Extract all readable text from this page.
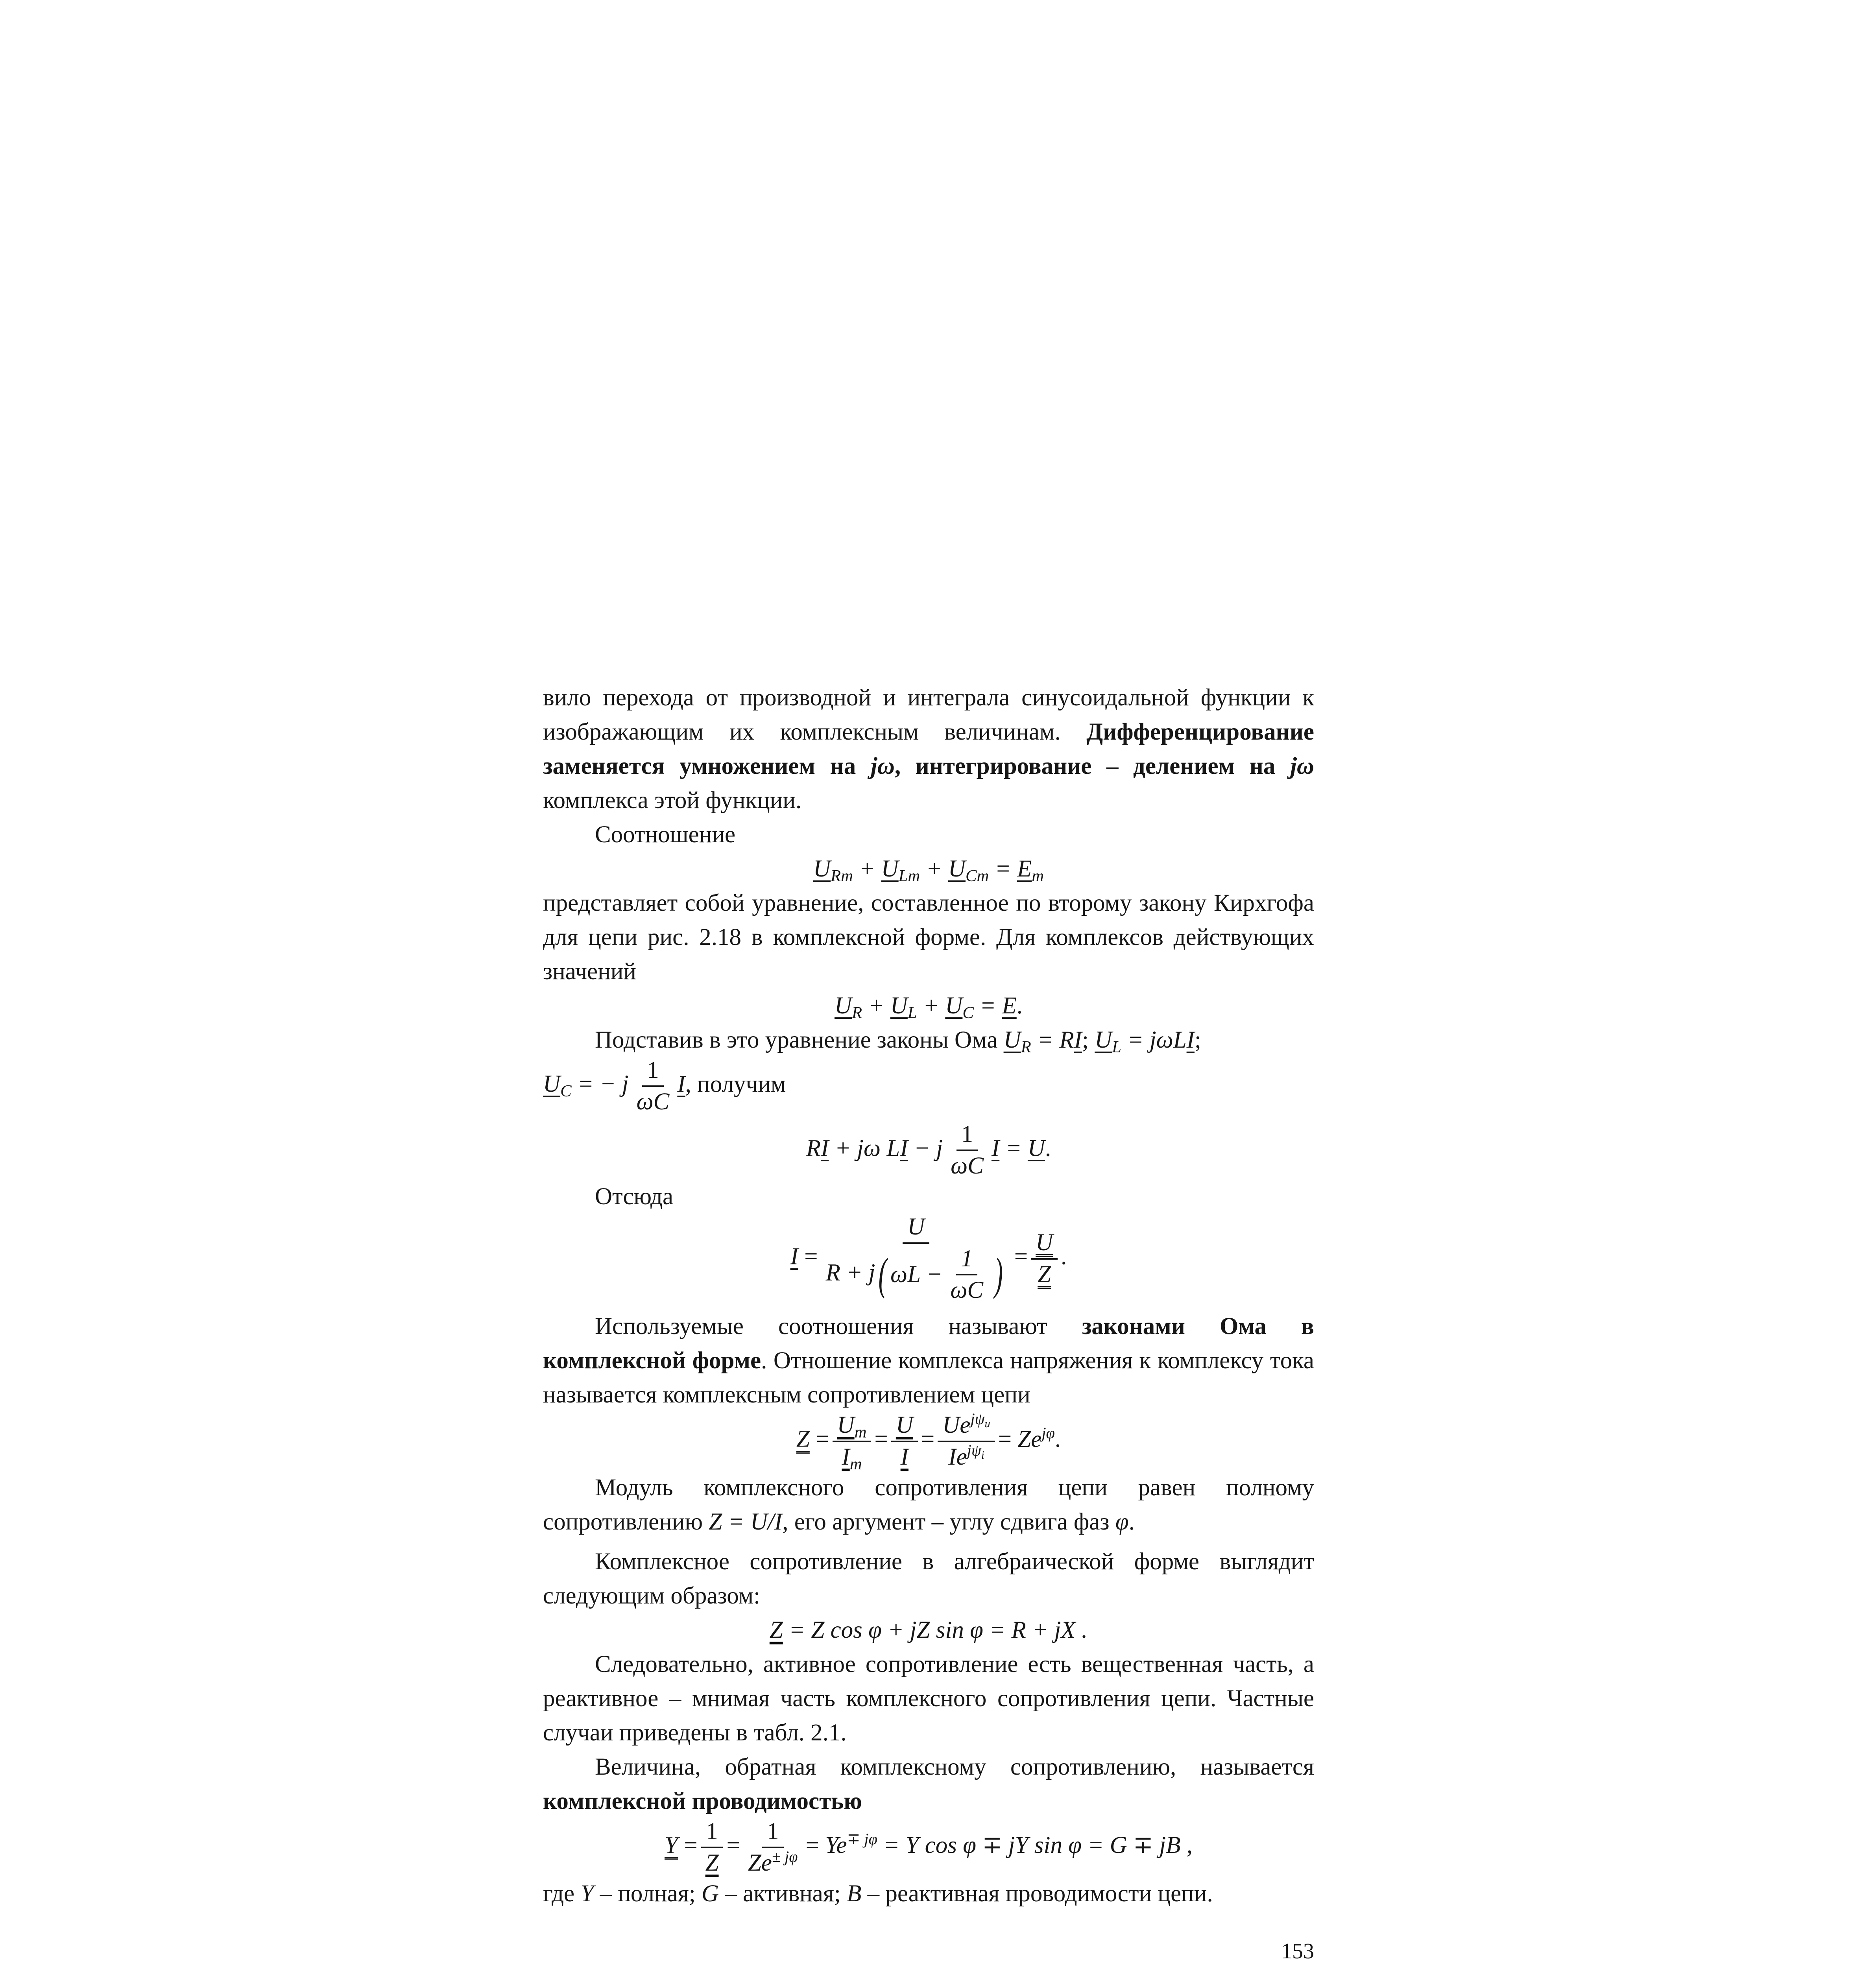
вило перехода от производной и интеграла синусоидальной функции к изображающим их комплексным величинам. Дифференцирование заменяется умножением на jω, интегрирование – делением на jω комплекса этой функции.

Соотношение

$U_{Rm} + U_{Lm} + U_{Cm} = E_m$

представляет собой уравнение, составленное по второму закону Кирхгофа для цепи рис. 2.18 в комплексной форме. Для комплексов действующих значений

$U_R + U_L + U_C = E$.

Подставив в это уравнение законы Ома $U_R$ = RI; $U_L = j\omega LI$;

$U_C$ = − j $\frac{1}{\omega C} I$, получим

RI + jω LI − j $\frac{1}{\omega C}$ I = U.

Отсюда

$I = \frac{U}{R + j ( \omega L - \frac{1}{\omega C} )} = \frac{U}{Z}$ .

Используемые соотношения называют законами Ома в комплексной форме. Отношение комплекса напряжения к комплексу тока называется комплексным сопротивлением цепи

$Z = \frac{U_m}{I_m} = \frac{U}{I} = \frac{Ue^{j\psi_u}}{Ie^{j\psi_i}} = Ze^{j\varphi}$.

Модуль комплексного сопротивления цепи равен полному сопротивлению Z = U/I, его аргумент – углу сдвига фаз φ.

Комплексное сопротивление в алгебраической форме выглядит следующим образом:

Z = Z cos φ + jZ sin φ = R + jX .

Следовательно, активное сопротивление есть вещественная часть, а реактивное – мнимая часть комплексного сопротивления цепи. Частные случаи приведены в табл. 2.1.

Величина, обратная комплексному сопротивлению, называется комплексной проводимостью

$Y = \frac{1}{Z} = \frac{1}{Ze^{\pm j\varphi}} = Ye^{\mp j\varphi} = Y$ cos φ ∓ jY sin φ = G ∓ jB ,

где Y – полная; G – активная; B – реактивная проводимости цепи.

153
